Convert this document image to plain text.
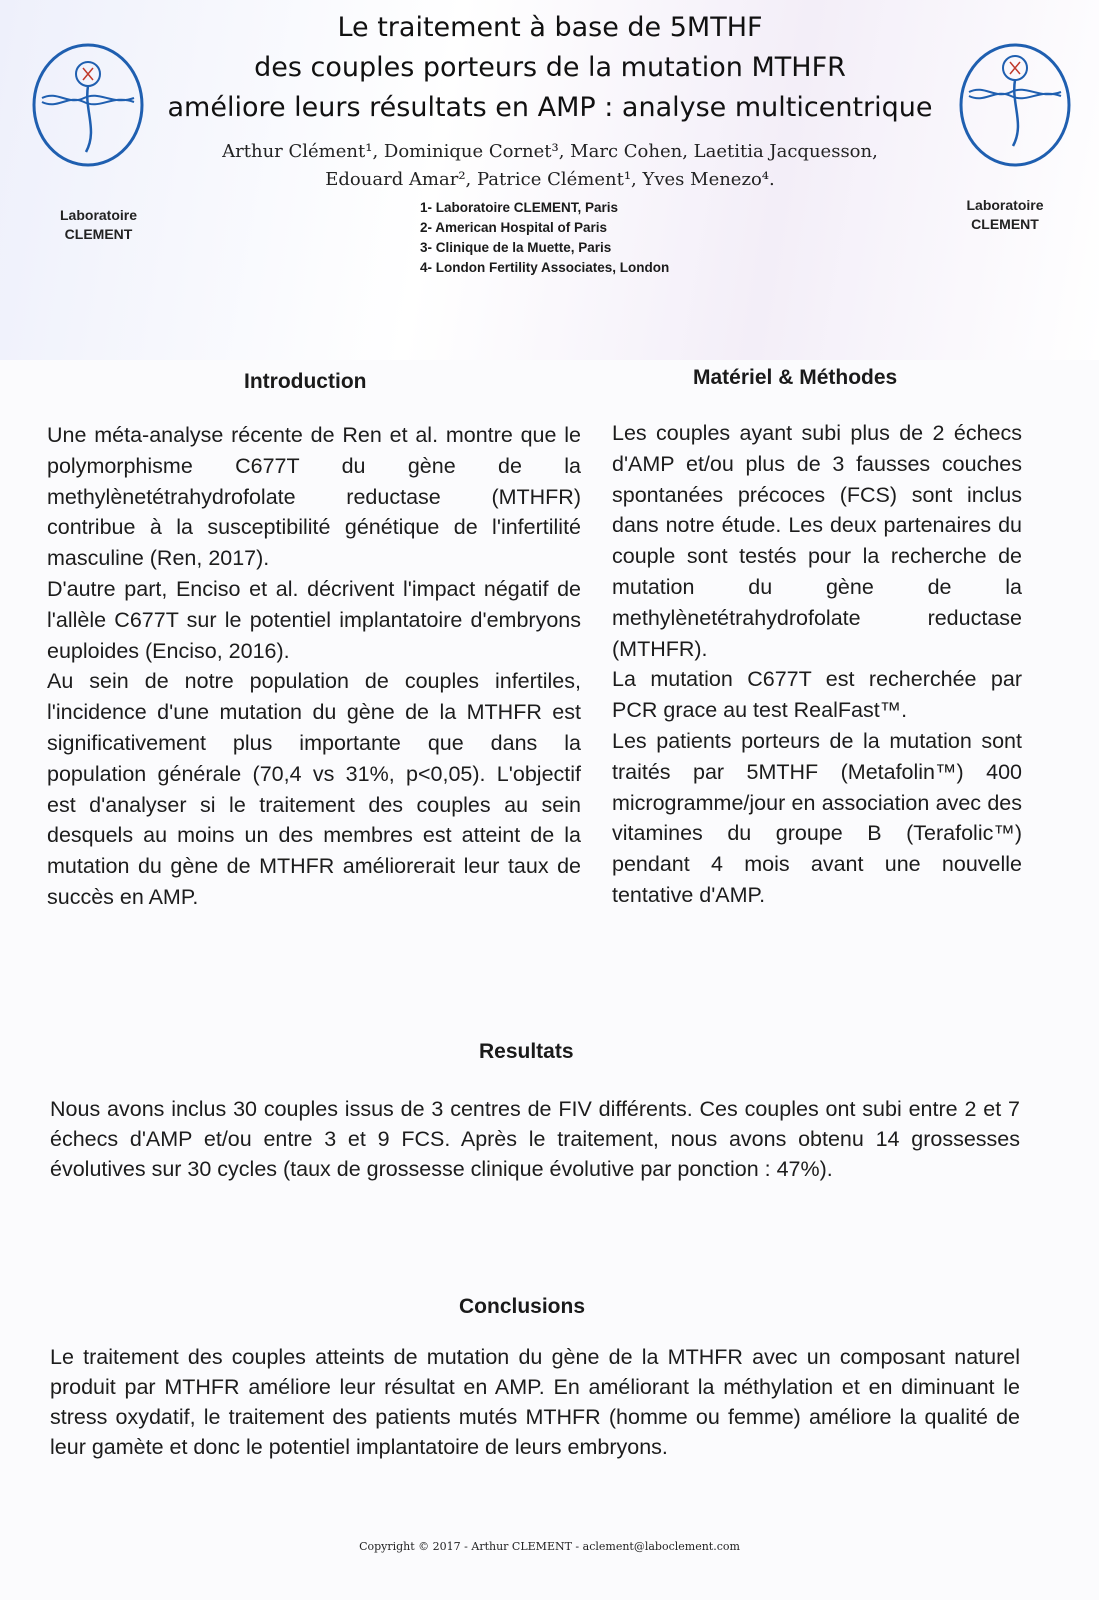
Laboratoire
CLEMENT
Laboratoire
CLEMENT
Le traitement à base de 5MTHF
des couples porteurs de la mutation MTHFR
améliore leurs résultats en AMP : analyse multicentrique
Arthur Clément¹, Dominique Cornet³, Marc Cohen, Laetitia Jacquesson,
Edouard Amar², Patrice Clément¹, Yves Menezo⁴.
1- Laboratoire CLEMENT, Paris
2- American Hospital of Paris
3- Clinique de la Muette, Paris
4- London Fertility Associates, London
Introduction

Une méta-analyse récente de Ren et al. montre que le polymorphisme C677T du gène de la methylènetétrahydrofolate reductase (MTHFR) contribue à la susceptibilité génétique de l'infertilité masculine (Ren, 2017).

D'autre part, Enciso et al. décrivent l'impact négatif de l'allèle C677T sur le potentiel implantatoire d'embryons euploides (Enciso, 2016).

Au sein de notre population de couples infertiles, l'incidence d'une mutation du gène de la MTHFR est significativement plus importante que dans la population générale (70,4 vs 31%, p<0,05). L'objectif est d'analyser si le traitement des couples au sein desquels au moins un des membres est atteint de la mutation du gène de MTHFR améliorerait leur taux de succès en AMP.

Matériel & Méthodes

Les couples ayant subi plus de 2 échecs d'AMP et/ou plus de 3 fausses couches spontanées précoces (FCS) sont inclus dans notre étude. Les deux partenaires du couple sont testés pour la recherche de mutation du gène de la methylènetétrahydrofolate reductase (MTHFR).

La mutation C677T est recherchée par PCR grace au test RealFast™.

Les patients porteurs de la mutation sont traités par 5MTHF (Metafolin™) 400 microgramme/jour en association avec des vitamines du groupe B (Terafolic™) pendant 4 mois avant une nouvelle tentative d'AMP.

Resultats
Nous avons inclus 30 couples issus de 3 centres de FIV différents. Ces couples ont subi entre 2 et 7 échecs d'AMP et/ou entre 3 et 9 FCS. Après le traitement, nous avons obtenu 14 grossesses évolutives sur 30 cycles (taux de grossesse clinique évolutive par ponction : 47%).
Conclusions
Le traitement des couples atteints de mutation du gène de la MTHFR avec un composant naturel produit par MTHFR améliore leur résultat en AMP. En améliorant la méthylation et en diminuant le stress oxydatif, le traitement des patients mutés MTHFR (homme ou femme) améliore la qualité de leur gamète et donc le potentiel implantatoire de leurs embryons.
Copyright © 2017 - Arthur CLEMENT - aclement@laboclement.com
